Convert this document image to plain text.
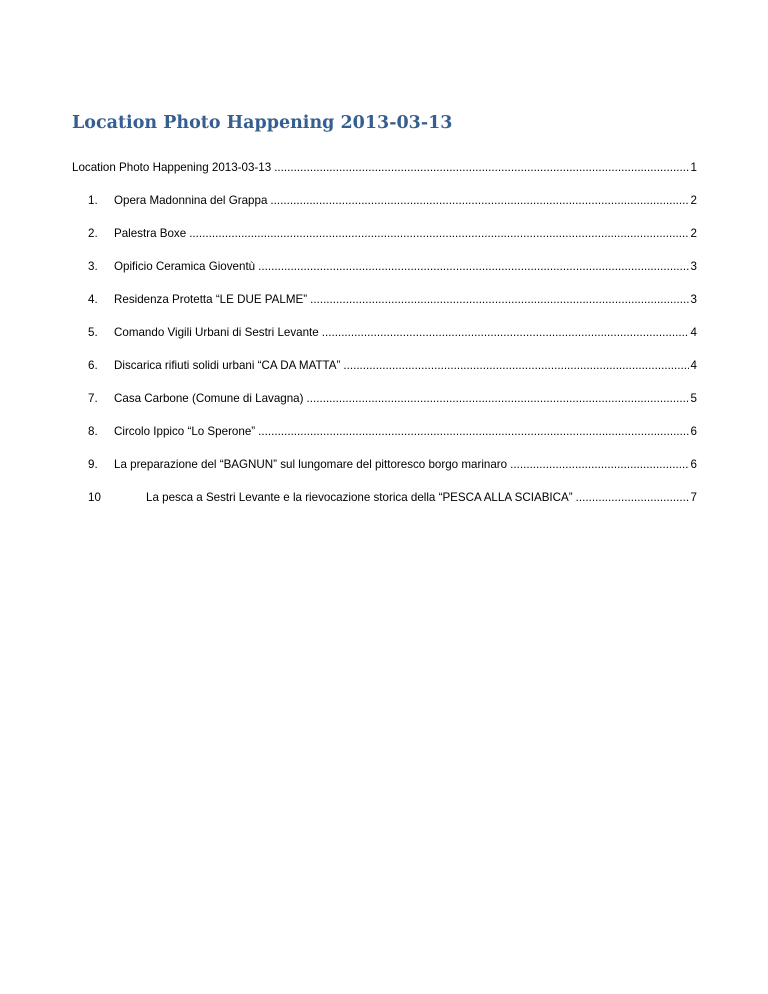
Location Photo Happening 2013-03-13
Location Photo Happening 2013-03-13 . . .	1
1.	Opera Madonnina del Grappa . . .	2
2.	Palestra Boxe . . .	2
3.	Opificio Ceramica Gioventù . . .	3
4.	Residenza Protetta “LE DUE PALME” . . .	3
5.	Comando Vigili Urbani di Sestri Levante . . .	4
6.	Discarica rifiuti solidi urbani “CA DA MATTA” . . .	4
7.	Casa Carbone (Comune di Lavagna) . . .	5
8.	Circolo Ippico “Lo Sperone” . . .	6
9.	La preparazione del “BAGNUN” sul lungomare del pittoresco borgo marinaro . . .	6
10	La pesca a Sestri Levante e la rievocazione storica della “PESCA ALLA SCIABICA” . . .	7
